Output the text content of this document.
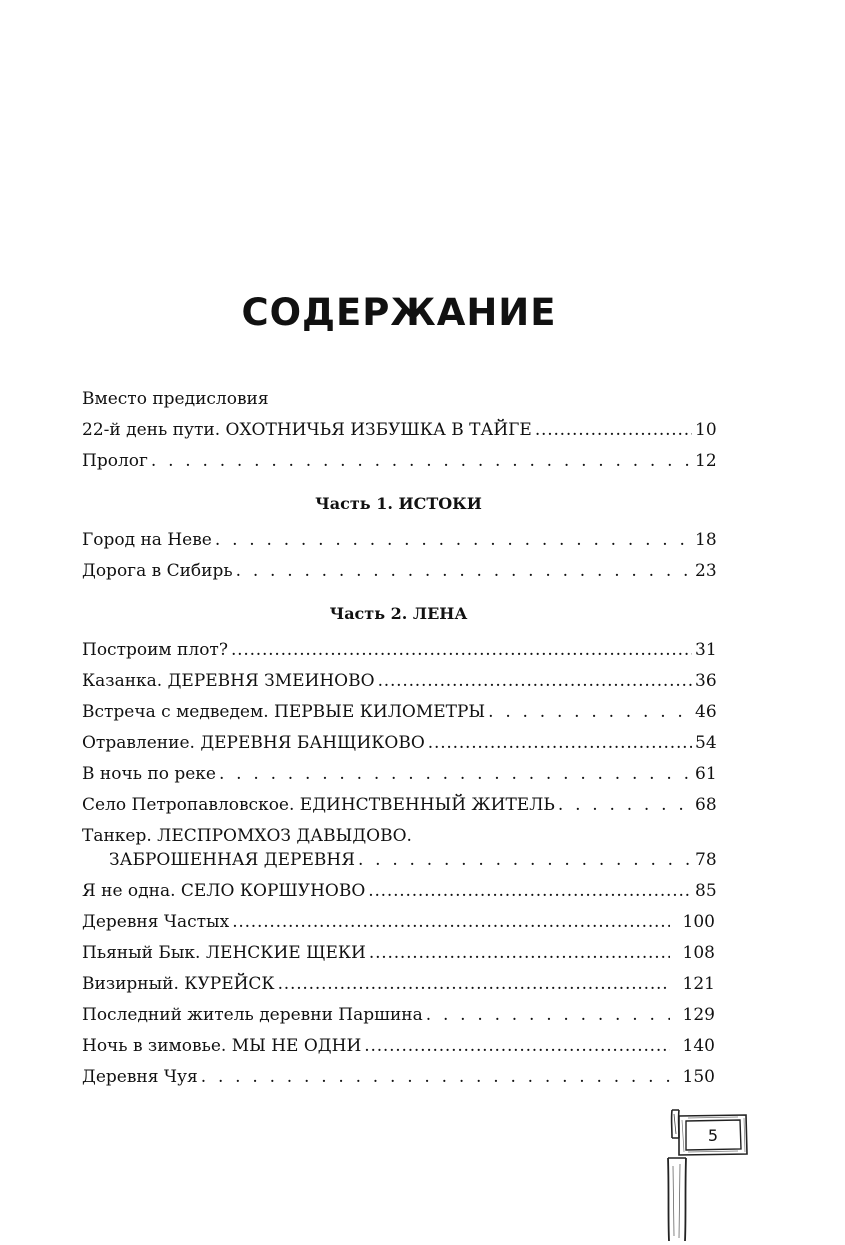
СОДЕРЖАНИЕ
Вместо предисловия
22-й день пути. ОХОТНИЧЬЯ ИЗБУШКА В ТАЙГЕ .....	10
Пролог . . .	12
Часть 1. ИСТОКИ
Город на Неве . . .	18
Дорога в Сибирь . . .	23
Часть 2. ЛЕНА
Построим плот? .....	31
Казанка. ДЕРЕВНЯ ЗМЕИНОВО .....	36
Встреча с медведем. ПЕРВЫЕ КИЛОМЕТРЫ . . .	46
Отравление. ДЕРЕВНЯ БАНЩИКОВО .....	54
В ночь по реке . . .	61
Село Петропавловское. ЕДИНСТВЕННЫЙ ЖИТЕЛЬ . . .	68
Танкер. ЛЕСПРОМХОЗ ДАВЫДОВО.
ЗАБРОШЕННАЯ ДЕРЕВНЯ . . .	78
Я не одна. СЕЛО КОРШУНОВО .....	85
Деревня Частых .....	100
Пьяный Бык. ЛЕНСКИЕ ЩЕКИ .....	108
Визирный. КУРЕЙСК .....	121
Последний житель деревни Паршина . . .	129
Ночь в зимовье. МЫ НЕ ОДНИ .....	140
Деревня Чуя . . .	150
5
